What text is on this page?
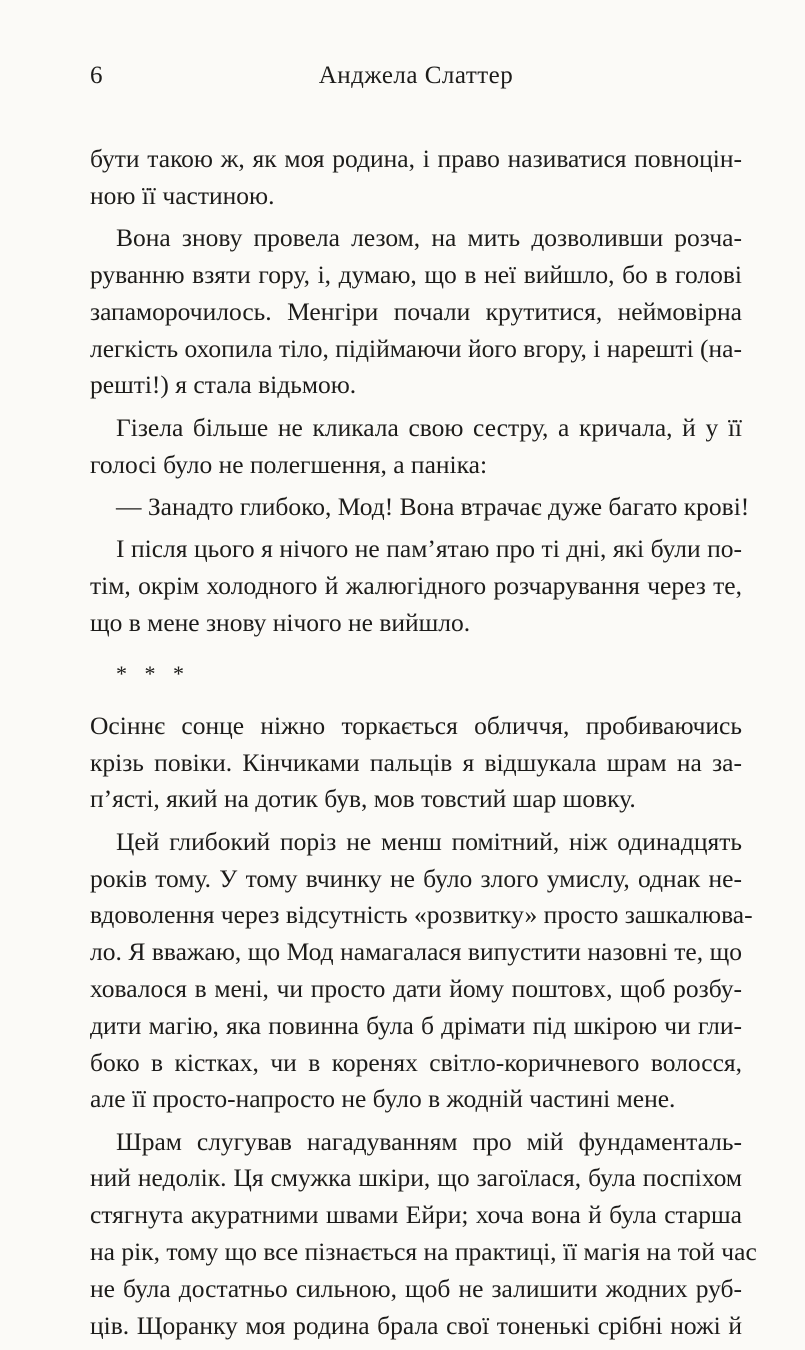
6	Анджела Слаттер
бути такою ж, як моя родина, і право називатися повноцін-
ною її частиною.
Вона знову провела лезом, на мить дозволивши розча-
руванню взяти гору, і, думаю, що в неї вийшло, бо в голові
запаморочилось. Менгіри почали крутитися, неймовірна
легкість охопила тіло, підіймаючи його вгору, і нарешті (на-
решті!) я стала відьмою.
Гізела більше не кликала свою сестру, а кричала, й у її
голосі було не полегшення, а паніка:
— Занадто глибоко, Мод! Вона втрачає дуже багато крові!
І після цього я нічого не пам’ятаю про ті дні, які були по-
тім, окрім холодного й жалюгідного розчарування через те,
що в мене знову нічого не вийшло.
* * *
Осіннє сонце ніжно торкається обличчя, пробиваючись
крізь повіки. Кінчиками пальців я відшукала шрам на за-
п’ясті, який на дотик був, мов товстий шар шовку.
Цей глибокий поріз не менш помітний, ніж одинадцять
років тому. У тому вчинку не було злого умислу, однак не-
вдоволення через відсутність «розвитку» просто зашкалюва-
ло. Я вважаю, що Мод намагалася випустити назовні те, що
ховалося в мені, чи просто дати йому поштовх, щоб розбу-
дити магію, яка повинна була б дрімати під шкірою чи гли-
боко в кістках, чи в коренях світло-коричневого волосся,
але її просто-напросто не було в жодній частині мене.
Шрам слугував нагадуванням про мій фундаменталь-
ний недолік. Ця смужка шкіри, що загоїлася, була поспіхом
стягнута акуратними швами Ейри; хоча вона й була старша
на рік, тому що все пізнається на практиці, її магія на той час
не була достатньо сильною, щоб не залишити жодних руб-
ців. Щоранку моя родина брала свої тоненькі срібні ножі й
